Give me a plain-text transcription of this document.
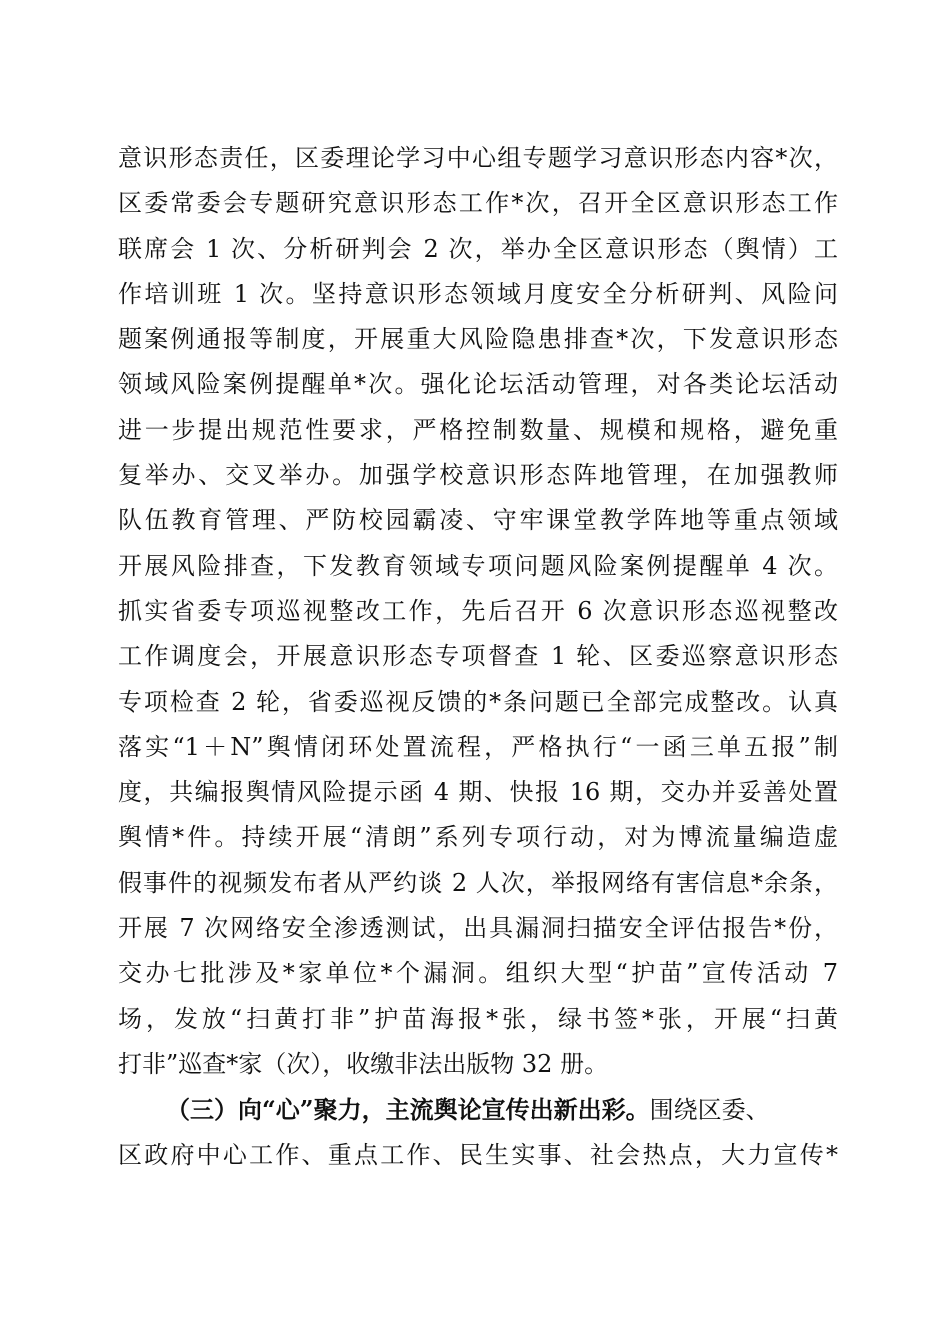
意识形态责任，区委理论学习中心组专题学习意识形态内容*次，
区委常委会专题研究意识形态工作*次，召开全区意识形态工作
联席会 1 次、分析研判会 2 次，举办全区意识形态（舆情）工
作培训班 1 次。坚持意识形态领域月度安全分析研判、风险问
题案例通报等制度，开展重大风险隐患排查*次，下发意识形态
领域风险案例提醒单*次。强化论坛活动管理，对各类论坛活动
进一步提出规范性要求，严格控制数量、规模和规格，避免重
复举办、交叉举办。加强学校意识形态阵地管理，在加强教师
队伍教育管理、严防校园霸凌、守牢课堂教学阵地等重点领域
开展风险排查，下发教育领域专项问题风险案例提醒单 4 次。
抓实省委专项巡视整改工作，先后召开 6 次意识形态巡视整改
工作调度会，开展意识形态专项督查 1 轮、区委巡察意识形态
专项检查 2 轮，省委巡视反馈的*条问题已全部完成整改。认真
落实“1＋N”舆情闭环处置流程，严格执行“一函三单五报”制
度，共编报舆情风险提示函 4 期、快报 16 期，交办并妥善处置
舆情*件。持续开展“清朗”系列专项行动，对为博流量编造虚
假事件的视频发布者从严约谈 2 人次，举报网络有害信息*余条，
开展 7 次网络安全渗透测试，出具漏洞扫描安全评估报告*份，
交办七批涉及*家单位*个漏洞。组织大型“护苗”宣传活动 7
场，发放“扫黄打非”护苗海报*张，绿书签*张，开展“扫黄
打非”巡查*家（次），收缴非法出版物 32 册。
（三）向“心”聚力，主流舆论宣传出新出彩。围绕区委、
区政府中心工作、重点工作、民生实事、社会热点，大力宣传*
